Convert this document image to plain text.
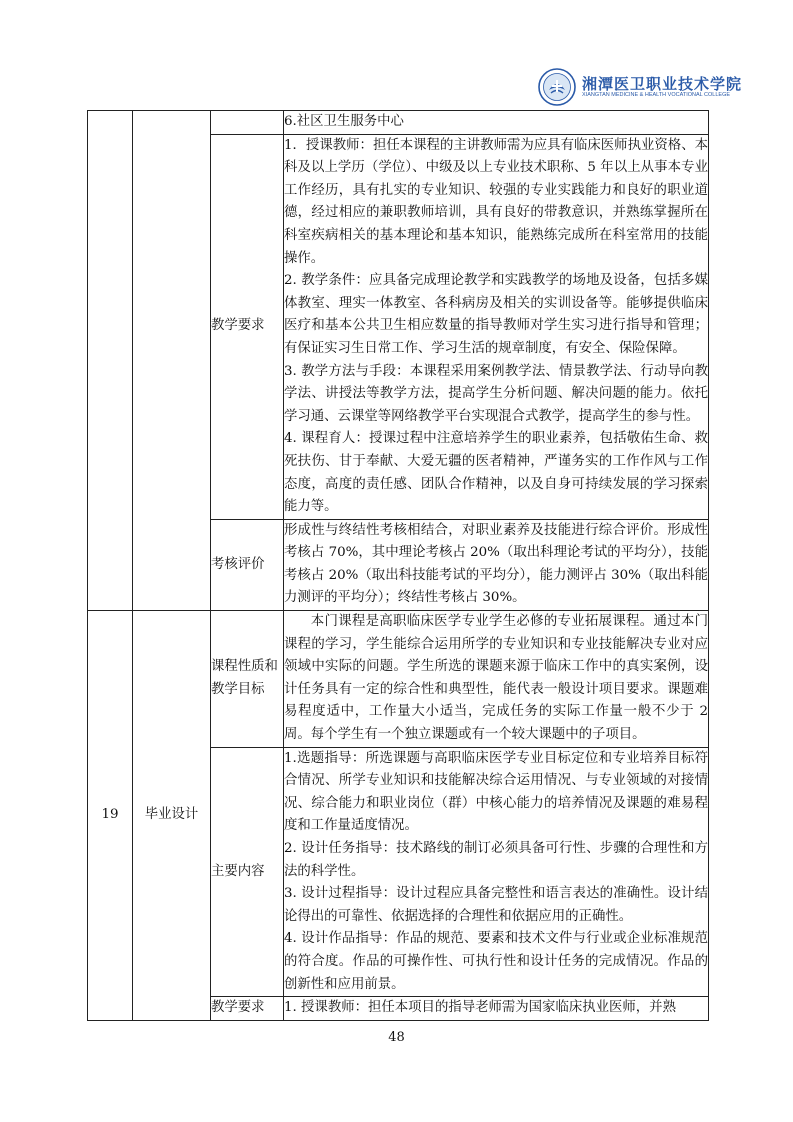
湘潭医卫职业技术学院
XIANGTAN MEDICINE & HEALTH VOCATIONAL COLLEGE
			6.社区卫生服务中心
		教学要求	1．授课教师：担任本课程的主讲教师需为应具有临床医师执业资格、本科及以上学历（学位）、中级及以上专业技术职称、5 年以上从事本专业工作经历，具有扎实的专业知识、较强的专业实践能力和良好的职业道德，经过相应的兼职教师培训，具有良好的带教意识，并熟练掌握所在科室疾病相关的基本理论和基本知识，能熟练完成所在科室常用的技能操作。
2. 教学条件：应具备完成理论教学和实践教学的场地及设备，包括多媒体教室、理实一体教室、各科病房及相关的实训设备等。能够提供临床医疗和基本公共卫生相应数量的指导教师对学生实习进行指导和管理；有保证实习生日常工作、学习生活的规章制度，有安全、保险保障。
3. 教学方法与手段：本课程采用案例教学法、情景教学法、行动导向教学法、讲授法等教学方法，提高学生分析问题、解决问题的能力。依托学习通、云课堂等网络教学平台实现混合式教学，提高学生的参与性。
4. 课程育人：授课过程中注意培养学生的职业素养，包括敬佑生命、救死扶伤、甘于奉献、大爱无疆的医者精神，严谨务实的工作作风与工作态度，高度的责任感、团队合作精神，以及自身可持续发展的学习探索能力等。

		考核评价	形成性与终结性考核相结合，对职业素养及技能进行综合评价。形成性考核占 70%，其中理论考核占 20%（取出科理论考试的平均分），技能考核占 20%（取出科技能考试的平均分），能力测评占 30%（取出科能力测评的平均分）；终结性考核占 30%。
19	毕业设计	课程性质和教学目标	本门课程是高职临床医学专业学生必修的专业拓展课程。通过本门课程的学习，学生能综合运用所学的专业知识和专业技能解决专业对应领域中实际的问题。学生所选的课题来源于临床工作中的真实案例，设计任务具有一定的综合性和典型性，能代表一般设计项目要求。课题难易程度适中，工作量大小适当，完成任务的实际工作量一般不少于 2 周。每个学生有一个独立课题或有一个较大课题中的子项目。
		主要内容	1.选题指导：所选课题与高职临床医学专业目标定位和专业培养目标符合情况、所学专业知识和技能解决综合运用情况、与专业领域的对接情况、综合能力和职业岗位（群）中核心能力的培养情况及课题的难易程度和工作量适度情况。
2. 设计任务指导：技术路线的制订必须具备可行性、步骤的合理性和方法的科学性。
3. 设计过程指导：设计过程应具备完整性和语言表达的准确性。设计结论得出的可靠性、依据选择的合理性和依据应用的正确性。
4. 设计作品指导：作品的规范、要素和技术文件与行业或企业标准规范的符合度。作品的可操作性、可执行性和设计任务的完成情况。作品的创新性和应用前景。

		教学要求	1. 授课教师：担任本项目的指导老师需为国家临床执业医师，并熟
48
